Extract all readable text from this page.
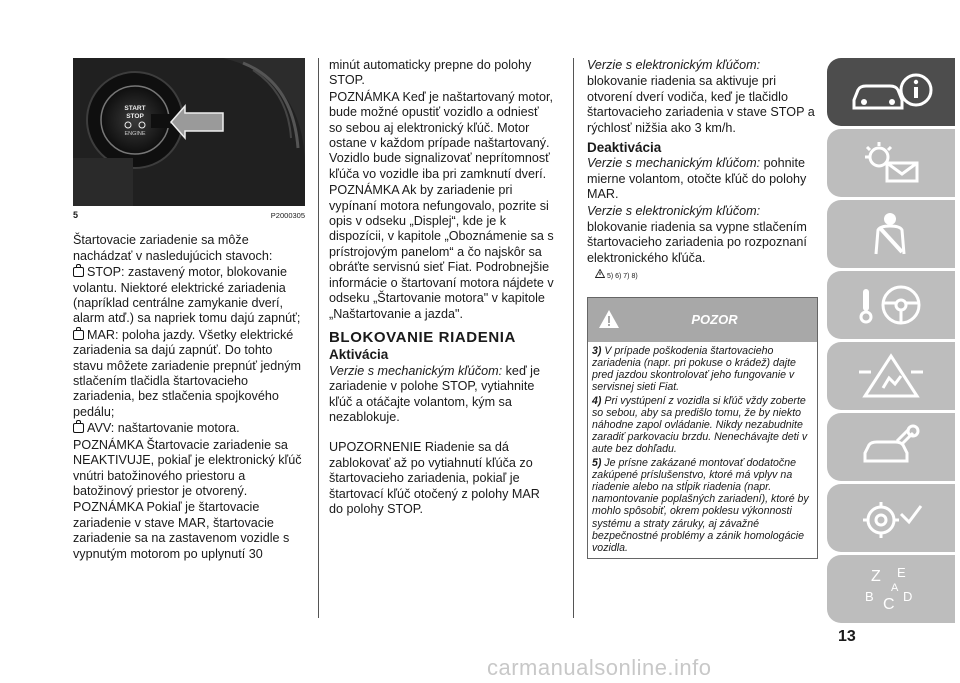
START
STOP
ENGINE
5	P2000305

Štartovacie zariadenie sa môže nachádzať v nasledujúcich stavoch:

STOP: zastavený motor, blokovanie volantu. Niektoré elektrické zariadenia (napríklad centrálne zamykanie dverí, alarm atď.) sa napriek tomu dajú zapnúť;

MAR: poloha jazdy. Všetky elektrické zariadenia sa dajú zapnúť. Do tohto stavu môžete zariadenie prepnúť jedným stlačením tlačidla štartovacieho zariadenia, bez stlačenia spojkového pedálu;

AVV: naštartovanie motora.

POZNÁMKA Štartovacie zariadenie sa NEAKTIVUJE, pokiaľ je elektronický kľúč vnútri batožinového priestoru a batožinový priestor je otvorený.

POZNÁMKA Pokiaľ je štartovacie zariadenie v stave MAR, štartovacie zariadenie sa na zastavenom vozidle s vypnutým motorom po uplynutí 30

minút automaticky prepne do polohy STOP.

POZNÁMKA Keď je naštartovaný motor, bude možné opustiť vozidlo a odniesť so sebou aj elektronický kľúč. Motor ostane v každom prípade naštartovaný. Vozidlo bude signalizovať neprítomnosť kľúča vo vozidle iba pri zamknutí dverí.

POZNÁMKA Ak by zariadenie pri vypínaní motora nefungovalo, pozrite si opis v odseku „Displej“, kde je k dispozícii, v kapitole „Oboznámenie sa s prístrojovým panelom“ a čo najskôr sa obráťte servisnú sieť Fiat. Podrobnejšie informácie o štartovaní motora nájdete v odseku „Štartovanie motora" v kapitole „Naštartovanie a jazda".

BLOKOVANIE RIADENIA
Aktivácia

Verzie s mechanickým kľúčom: keď je zariadenie v polohe STOP, vytiahnite kľúč a otáčajte volantom, kým sa nezablokuje.

UPOZORNENIE Riadenie sa dá zablokovať až po vytiahnutí kľúča zo štartovacieho zariadenia, pokiaľ je štartovací kľúč otočený z polohy MAR do polohy STOP.

Verzie s elektronickým kľúčom:

blokovanie riadenia sa aktivuje pri otvorení dverí vodiča, keď je tlačidlo štartovacieho zariadenia v stave STOP a rýchlosť nižšia ako 3 km/h.

Deaktivácia

Verzie s mechanickým kľúčom: pohnite mierne volantom, otočte kľúč do polohy MAR.

Verzie s elektronickým kľúčom:

blokovanie riadenia sa vypne stlačením štartovacieho zariadenia po rozpoznaní elektronického kľúča.

5) 6) 7) 8)
POZOR

3) V prípade poškodenia štartovacieho zariadenia (napr. pri pokuse o krádež) dajte pred jazdou skontrolovať jeho fungovanie v servisnej sieti Fiat.

4) Pri vystúpení z vozidla si kľúč vždy zoberte so sebou, aby sa predišlo tomu, že by niekto náhodne zapol ovládanie. Nikdy nezabudnite zaradiť parkovaciu brzdu. Nenechávajte deti v aute bez dohľadu.

5) Je prísne zakázané montovať dodatočne zakúpené príslušenstvo, ktoré má vplyv na riadenie alebo na stĺpik riadenia (napr. namontovanie poplašných zariadení), ktoré by mohlo spôsobiť, okrem poklesu výkonnosti systému a straty záruky, aj závažné bezpečnostné problémy a zánik homologácie vozidla.

Z E
B C D
A
13
carmanualsonline.info
